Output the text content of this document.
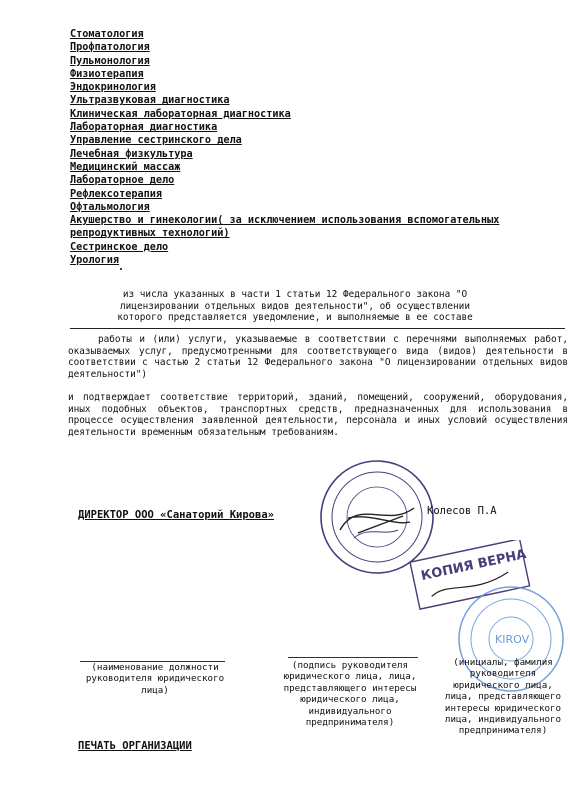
Стоматология
Профпатология
Пульмонология
Физиотерапия
Эндокринология
Ультразвуковая диагностика
Клиническая лабораторная диагностика
Лабораторная диагностика
Управление сестринского дела
Лечебная физкультура
Медицинский массаж
Лабораторное дело
Рефлексотерапия
Офтальмология
Акушерство и гинекологии( за исключением использования вспомогательных репродуктивных технологий)
Сестринское дело
Урология
из числа указанных в части 1 статьи 12 Федерального закона "О лицензировании отдельных видов деятельности", об осуществлении которого представляется уведомление, и выполняемые в ее составе
работы и (или) услуги, указываемые в соответствии с перечнями выполняемых работ, оказываемых услуг, предусмотренными для соответствующего вида (видов) деятельности в соответствии с частью 2 статьи 12 Федерального закона "О лицензировании отдельных видов деятельности")
и подтверждает соответствие территорий, зданий, помещений, сооружений, оборудования, иных подобных объектов, транспортных средств, предназначенных для использования в процессе осуществления заявленной деятельности, персонала и иных условий осуществления деятельности временным обязательным требованиям.
ДИРЕКТОР ООО «Санаторий Кирова»	Колесов П.А
КОПИЯ ВЕРНА
KIROV
(наименование должности руководителя юридического лица)
(подпись руководителя юридического лица, лица, представляющего интересы юридического лица, индивидуального предпринимателя)
(инициалы, фамилия руководителя юридического лица, лица, представляющего интересы юридического лица, индивидуального предпринимателя)
ПЕЧАТЬ ОРГАНИЗАЦИИ
